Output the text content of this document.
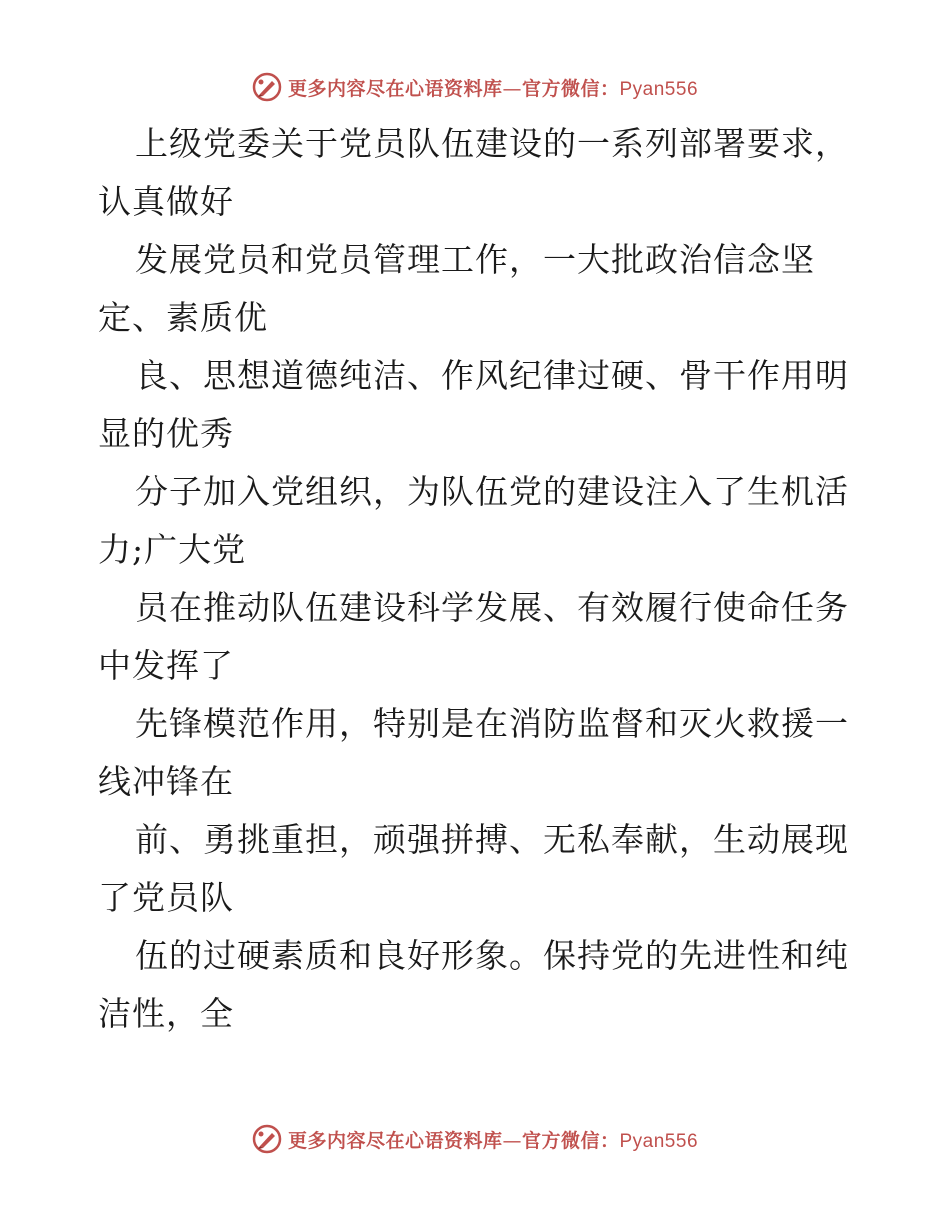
更多内容尽在心语资料库—官方微信：Pyan556
上级党委关于党员队伍建设的一系列部署要求，
认真做好
发展党员和党员管理工作，一大批政治信念坚
定、素质优
良、思想道德纯洁、作风纪律过硬、骨干作用明
显的优秀
分子加入党组织，为队伍党的建设注入了生机活
力;广大党
员在推动队伍建设科学发展、有效履行使命任务
中发挥了
先锋模范作用，特别是在消防监督和灭火救援一
线冲锋在
前、勇挑重担，顽强拼搏、无私奉献，生动展现
了党员队
伍的过硬素质和良好形象。保持党的先进性和纯
洁性，全
更多内容尽在心语资料库—官方微信：Pyan556
